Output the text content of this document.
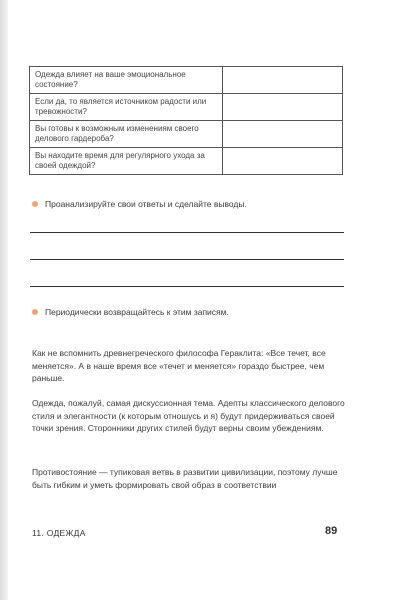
Одежда влияет на ваше эмоциональное состояние?	
Если да, то является источником радости или тревожности?	
Вы готовы к возможным изменениям своего делового гардероба?	
Вы находите время для регулярного ухода за своей одеждой?	
Проанализируйте свои ответы и сделайте выводы.
Периодически возвращайтесь к этим записям.

Как не вспомнить древнегреческого философа Гераклита: «Все течет, все меняется». А в наше время все «течет и меняется» гораздо быстрее, чем раньше.

Одежда, пожалуй, самая дискуссионная тема. Адепты классического делового стиля и элегантности (к которым отношусь и я) будут придерживаться своей точки зрения. Сторонники других стилей будут верны своим убеждениям.

Противостояние — тупиковая ветвь в развитии цивилизации, поэтому лучше быть гибким и уметь формировать свой образ в соответствии

11. ОДЕЖДА	89
